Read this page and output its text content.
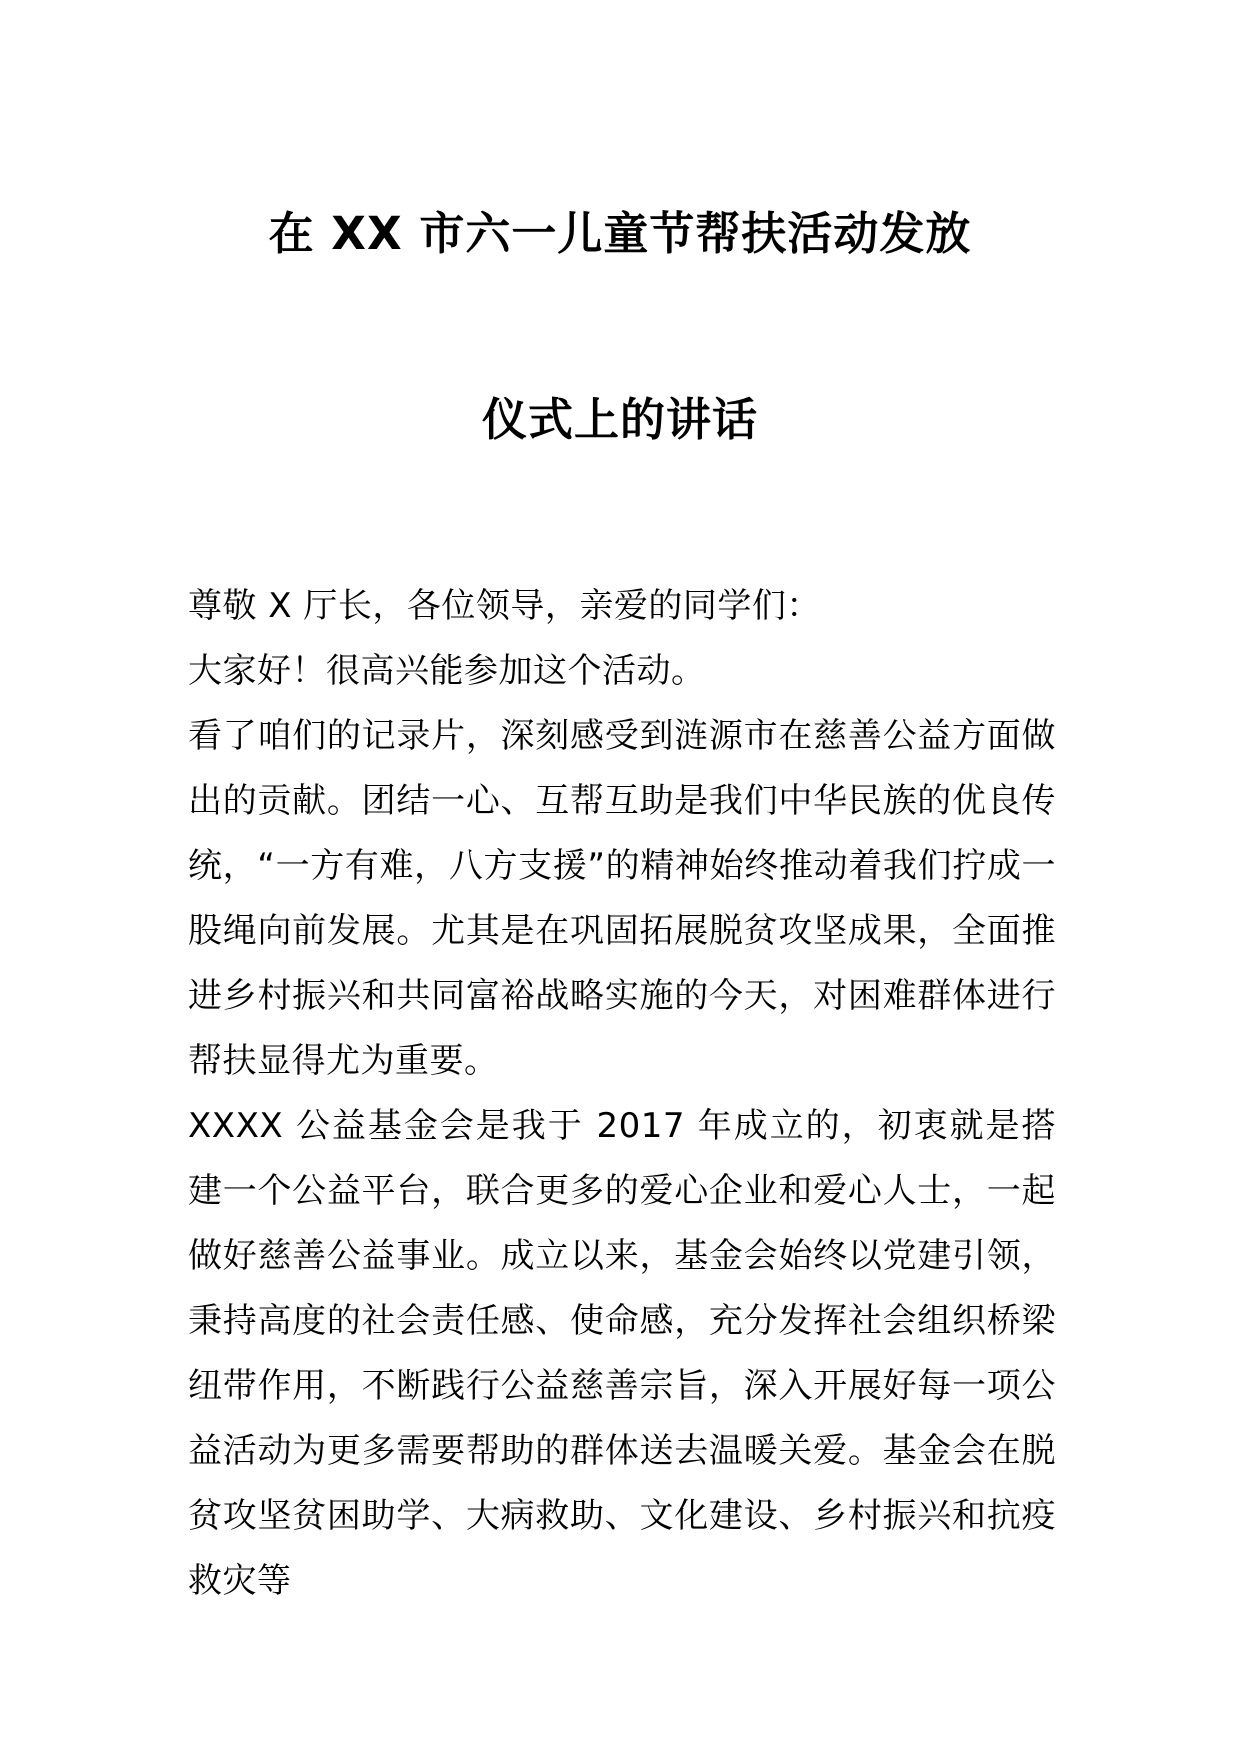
在 XX 市六一儿童节帮扶活动发放
仪式上的讲话

尊敬 X 厅长，各位领导，亲爱的同学们：

大家好！很高兴能参加这个活动。

看了咱们的记录片，深刻感受到涟源市在慈善公益方面做出的贡献。团结一心、互帮互助是我们中华民族的优良传统，“一方有难，八方支援”的精神始终推动着我们拧成一股绳向前发展。尤其是在巩固拓展脱贫攻坚成果，全面推进乡村振兴和共同富裕战略实施的今天，对困难群体进行帮扶显得尤为重要。

XXXX 公益基金会是我于 2017 年成立的，初衷就是搭建一个公益平台，联合更多的爱心企业和爱心人士，一起做好慈善公益事业。成立以来，基金会始终以党建引领，秉持高度的社会责任感、使命感，充分发挥社会组织桥梁纽带作用，不断践行公益慈善宗旨，深入开展好每一项公益活动为更多需要帮助的群体送去温暖关爱。基金会在脱贫攻坚贫困助学、大病救助、文化建设、乡村振兴和抗疫救灾等
